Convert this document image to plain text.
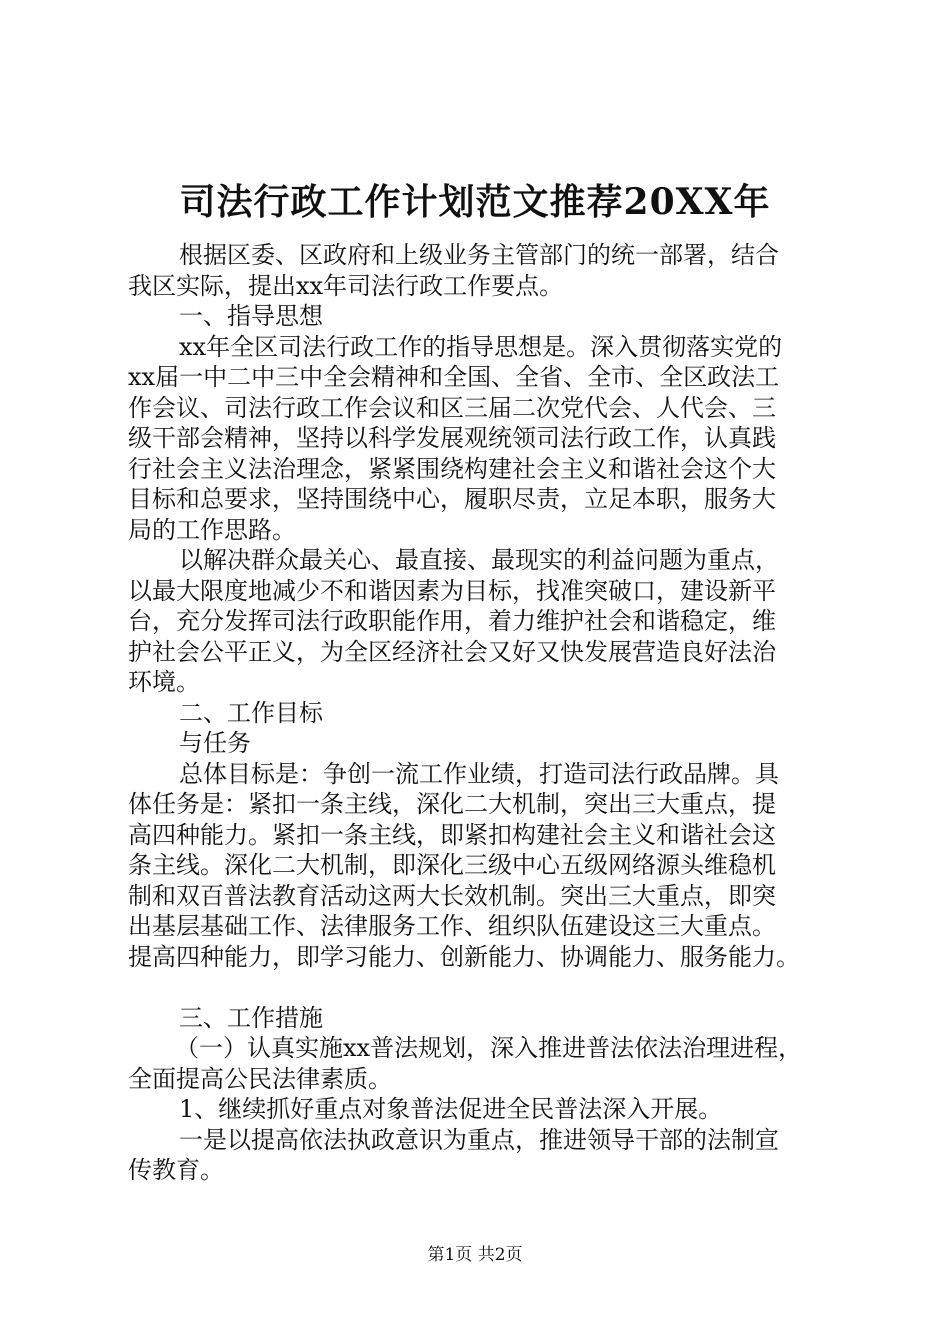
司法行政工作计划范文推荐20XX年
根据区委、区政府和上级业务主管部门的统一部署，结合
我区实际，提出xx年司法行政工作要点。
一、指导思想
xx年全区司法行政工作的指导思想是。深入贯彻落实党的
xx届一中二中三中全会精神和全国、全省、全市、全区政法工
作会议、司法行政工作会议和区三届二次党代会、人代会、三
级干部会精神，坚持以科学发展观统领司法行政工作，认真践
行社会主义法治理念，紧紧围绕构建社会主义和谐社会这个大
目标和总要求，坚持围绕中心，履职尽责，立足本职，服务大
局的工作思路。
以解决群众最关心、最直接、最现实的利益问题为重点，
以最大限度地减少不和谐因素为目标，找准突破口，建设新平
台，充分发挥司法行政职能作用，着力维护社会和谐稳定，维
护社会公平正义，为全区经济社会又好又快发展营造良好法治
环境。
二、工作目标
与任务
总体目标是：争创一流工作业绩，打造司法行政品牌。具
体任务是：紧扣一条主线，深化二大机制，突出三大重点，提
高四种能力。紧扣一条主线，即紧扣构建社会主义和谐社会这
条主线。深化二大机制，即深化三级中心五级网络源头维稳机
制和双百普法教育活动这两大长效机制。突出三大重点，即突
出基层基础工作、法律服务工作、组织队伍建设这三大重点。
提高四种能力，即学习能力、创新能力、协调能力、服务能力。
三、工作措施
（一）认真实施xx普法规划，深入推进普法依法治理进程，
全面提高公民法律素质。
1、继续抓好重点对象普法促进全民普法深入开展。
一是以提高依法执政意识为重点，推进领导干部的法制宣
传教育。
第1页 共2页
